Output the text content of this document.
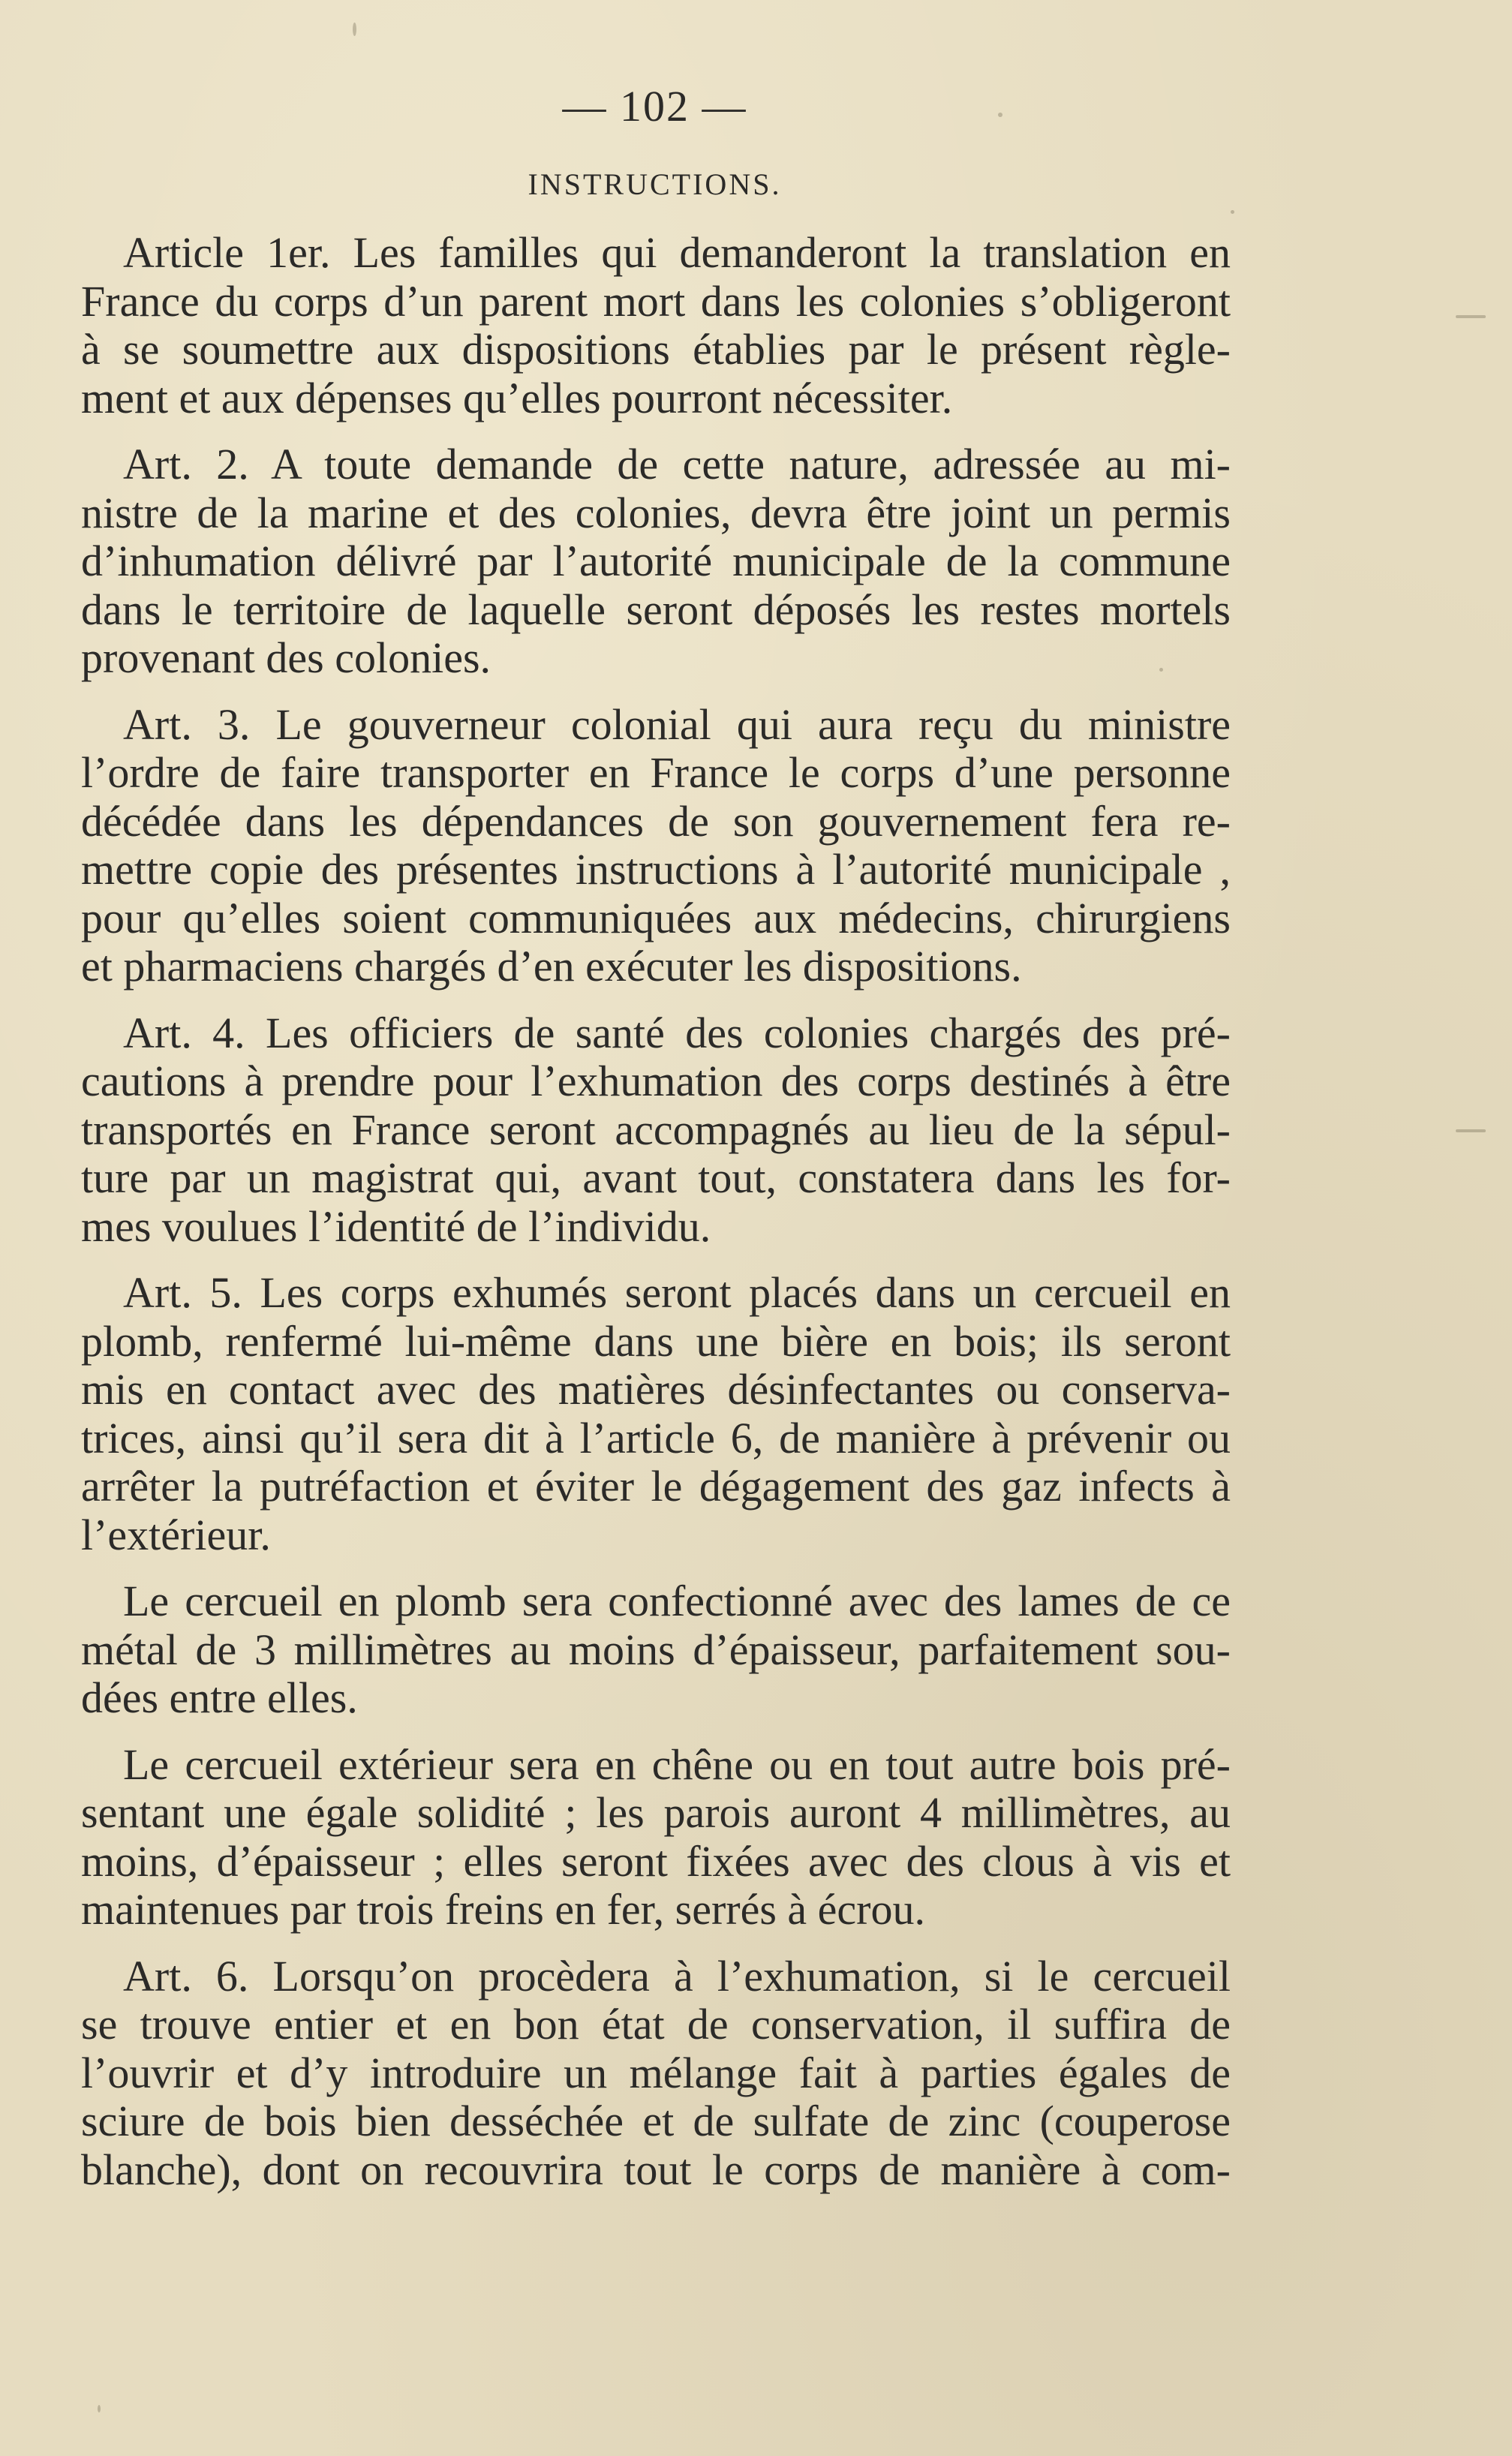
— 102 —
INSTRUCTIONS.
Article 1er. Les familles qui demanderont la translation en
France du corps d’un parent mort dans les colonies s’obligeront
à se soumettre aux dispositions établies par le présent règle-
ment et aux dépenses qu’elles pourront nécessiter.
Art. 2. A toute demande de cette nature, adressée au mi-
nistre de la marine et des colonies, devra être joint un permis
d’inhumation délivré par l’autorité municipale de la commune
dans le territoire de laquelle seront déposés les restes mortels
provenant des colonies.
Art. 3. Le gouverneur colonial qui aura reçu du ministre
l’ordre de faire transporter en France le corps d’une personne
décédée dans les dépendances de son gouvernement fera re-
mettre copie des présentes instructions à l’autorité municipale ,
pour qu’elles soient communiquées aux médecins, chirurgiens
et pharmaciens chargés d’en exécuter les dispositions.
Art. 4. Les officiers de santé des colonies chargés des pré-
cautions à prendre pour l’exhumation des corps destinés à être
transportés en France seront accompagnés au lieu de la sépul-
ture par un magistrat qui, avant tout, constatera dans les for-
mes voulues l’identité de l’individu.
Art. 5. Les corps exhumés seront placés dans un cercueil en
plomb, renfermé lui-même dans une bière en bois; ils seront
mis en contact avec des matières désinfectantes ou conserva-
trices, ainsi qu’il sera dit à l’article 6, de manière à prévenir ou
arrêter la putréfaction et éviter le dégagement des gaz infects à
l’extérieur.
Le cercueil en plomb sera confectionné avec des lames de ce
métal de 3 millimètres au moins d’épaisseur, parfaitement sou-
dées entre elles.
Le cercueil extérieur sera en chêne ou en tout autre bois pré-
sentant une égale solidité ; les parois auront 4 millimètres, au
moins, d’épaisseur ; elles seront fixées avec des clous à vis et
maintenues par trois freins en fer, serrés à écrou.
Art. 6. Lorsqu’on procèdera à l’exhumation, si le cercueil
se trouve entier et en bon état de conservation, il suffira de
l’ouvrir et d’y introduire un mélange fait à parties égales de
sciure de bois bien desséchée et de sulfate de zinc (couperose
blanche), dont on recouvrira tout le corps de manière à com-
